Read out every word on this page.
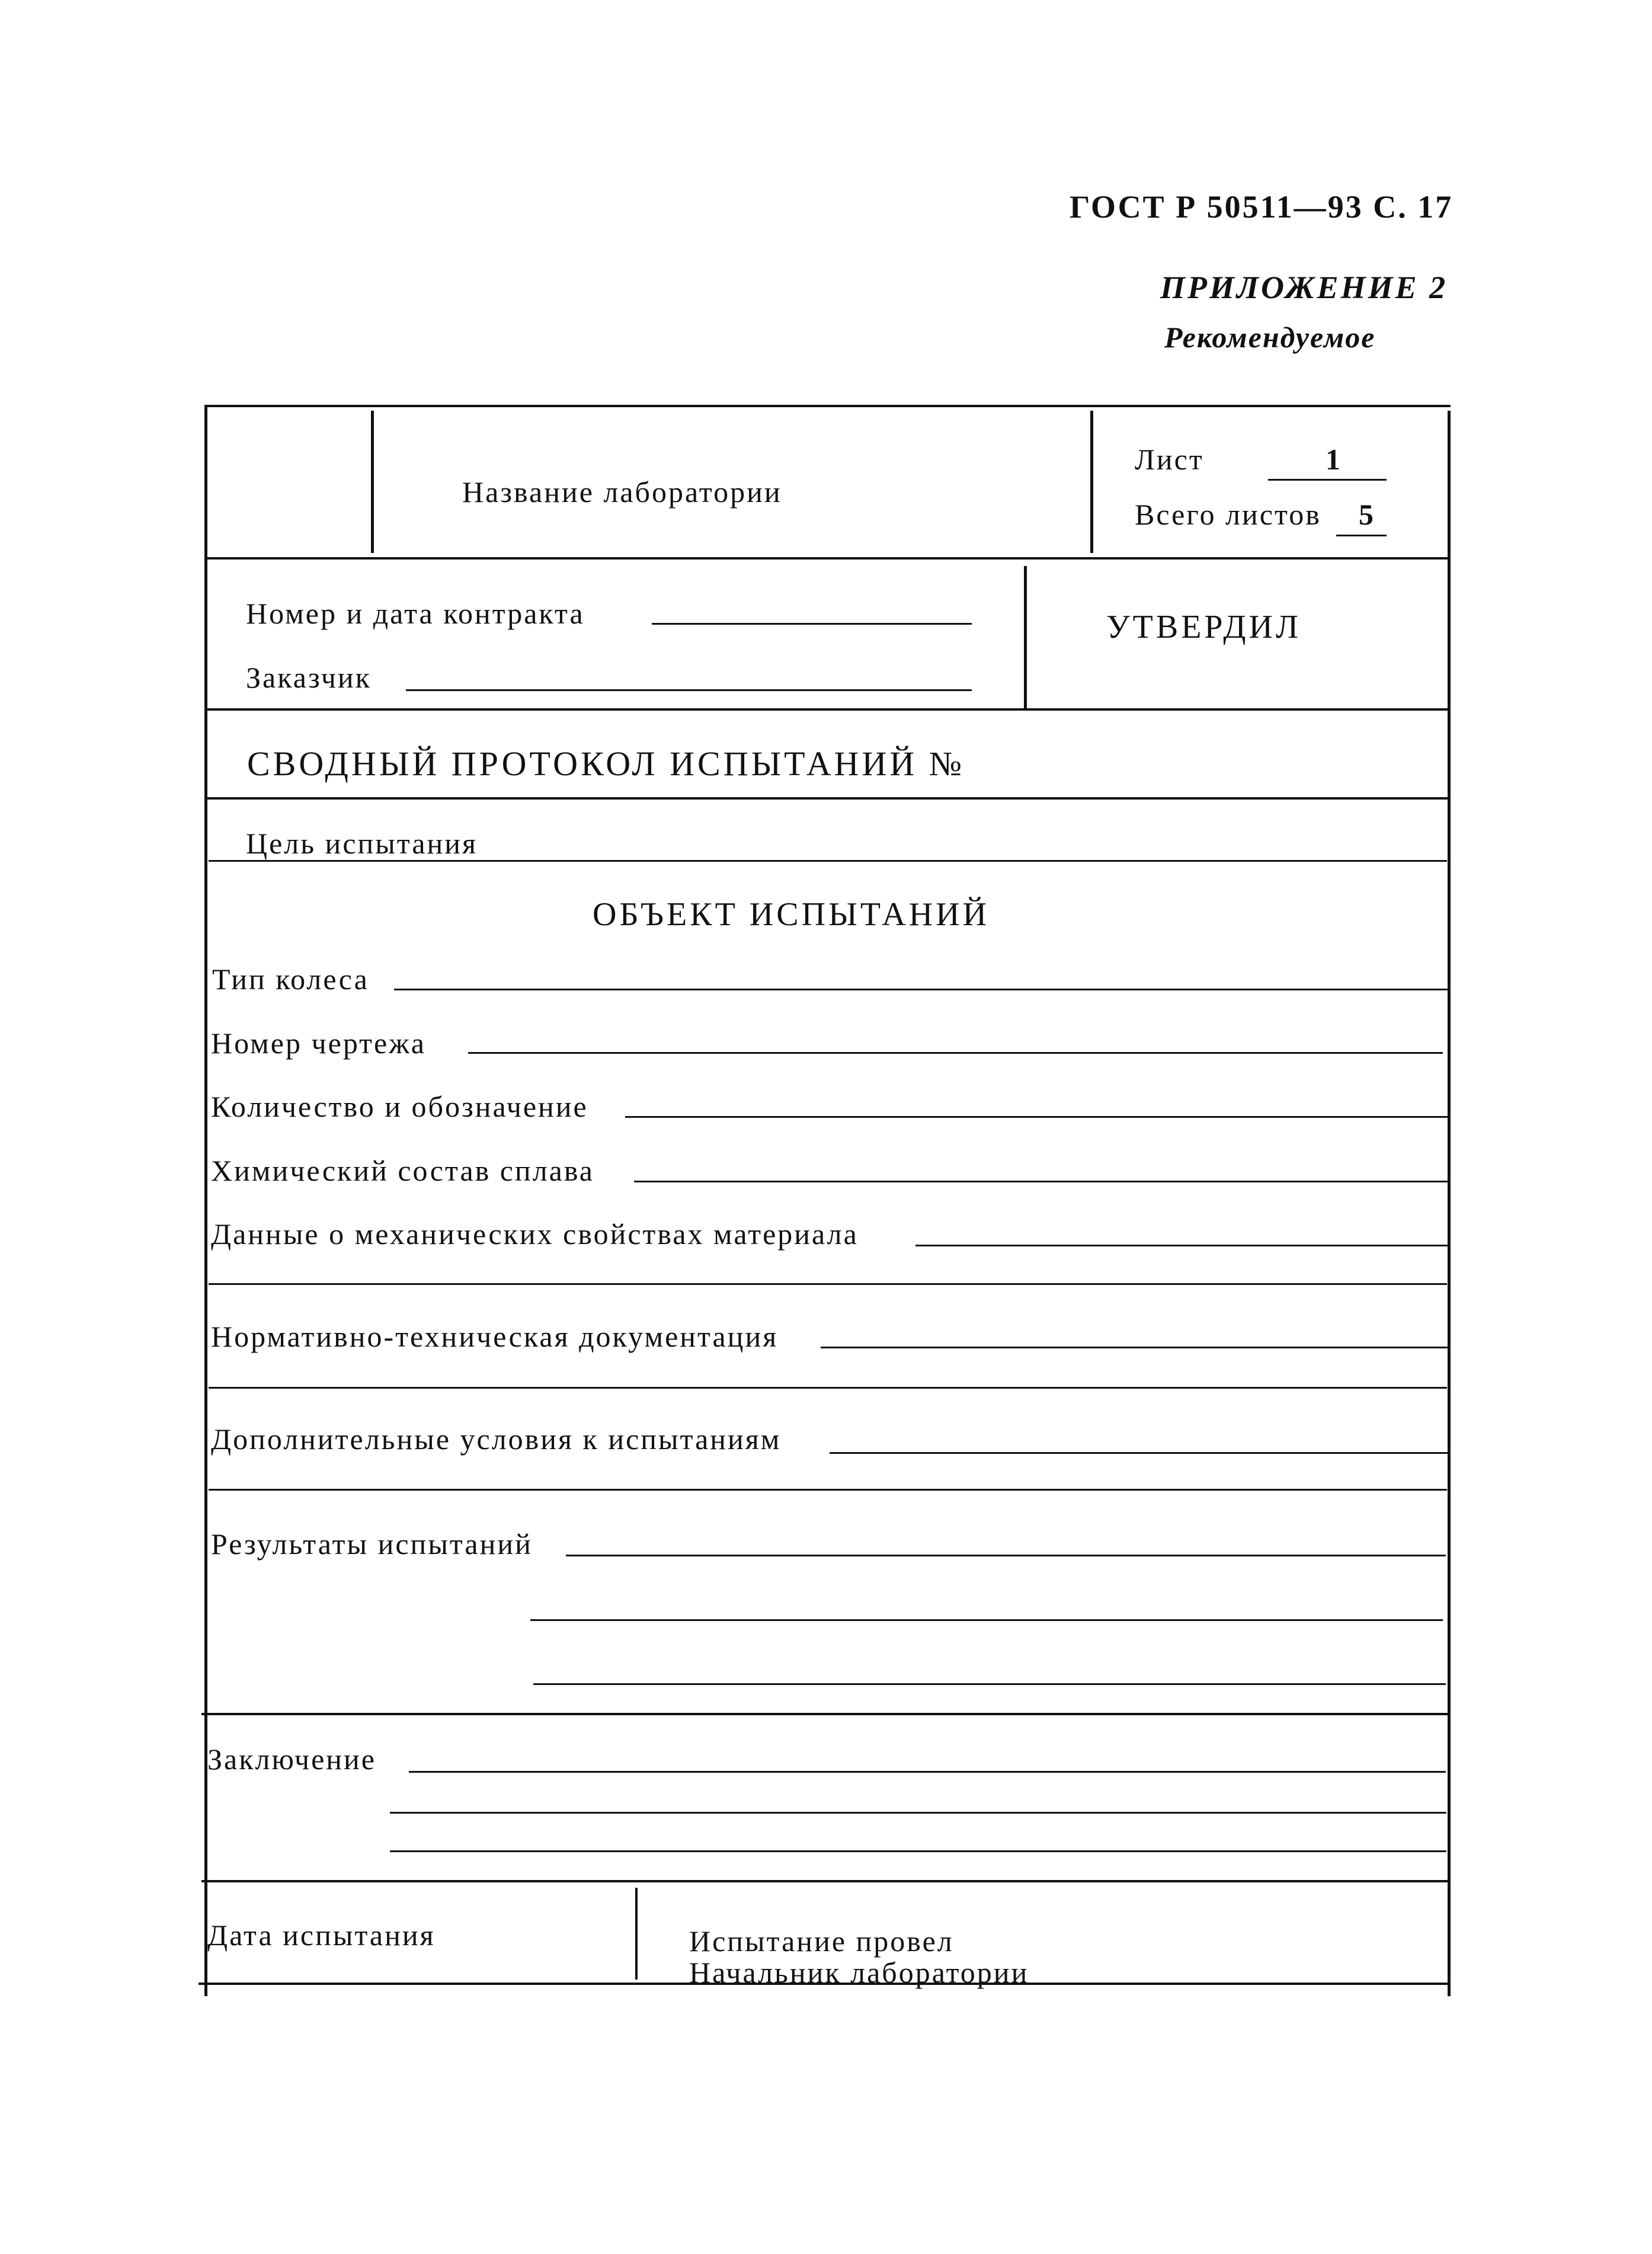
ГОСТ Р 50511—93 С. 17
ПРИЛОЖЕНИЕ 2
Рекомендуемое
Название лаборатории
Лист	1
Всего листов 5
Номер и дата контракта
Заказчик
УТВЕРДИЛ
СВОДНЫЙ ПРОТОКОЛ ИСПЫТАНИЙ №
Цель испытания
ОБЪЕКТ ИСПЫТАНИЙ
Тип колеса
Номер чертежа
Количество и обозначение
Химический состав сплава
Данные о механических свойствах материала
Нормативно-техническая документация
Дополнительные условия к испытаниям
Результаты испытаний
Заключение
Дата испытания	Испытание провел
Начальник лаборатории
